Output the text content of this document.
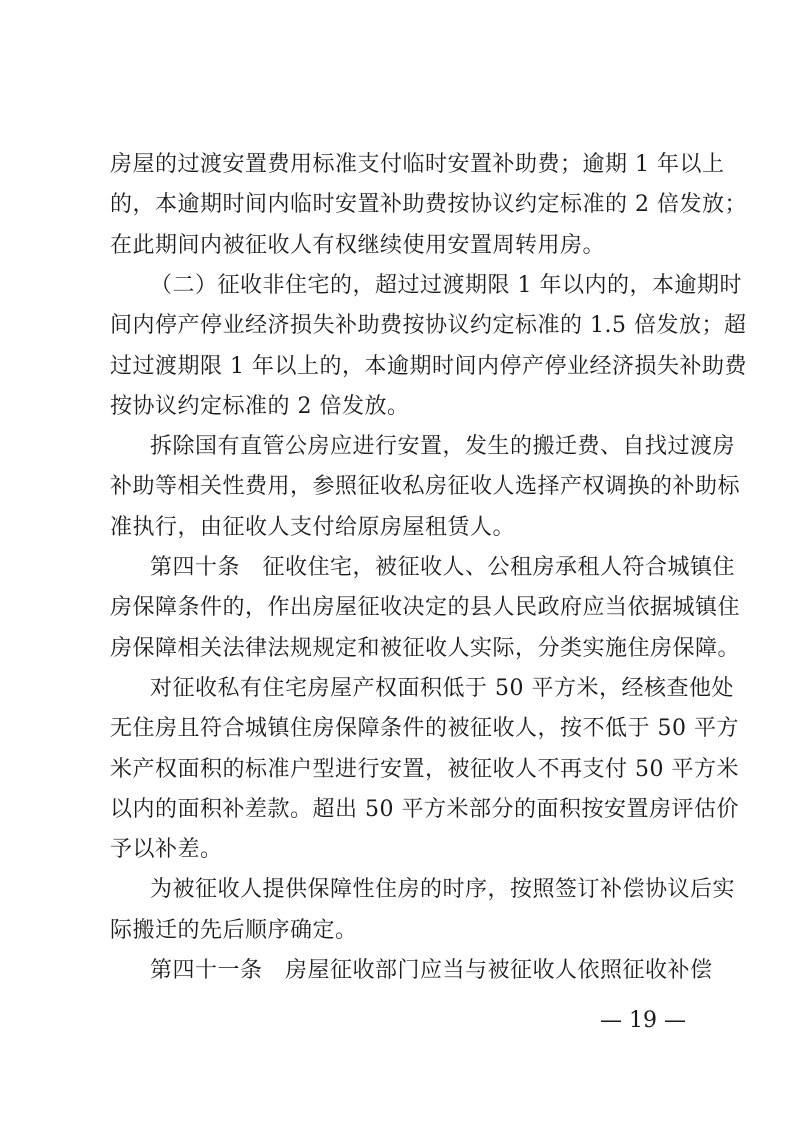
房屋的过渡安置费用标准支付临时安置补助费；逾期 1 年以上
的，本逾期时间内临时安置补助费按协议约定标准的 2 倍发放；
在此期间内被征收人有权继续使用安置周转用房。
（二）征收非住宅的，超过过渡期限 1 年以内的，本逾期时
间内停产停业经济损失补助费按协议约定标准的 1.5 倍发放；超
过过渡期限 1 年以上的，本逾期时间内停产停业经济损失补助费
按协议约定标准的 2 倍发放。
拆除国有直管公房应进行安置，发生的搬迁费、自找过渡房
补助等相关性费用，参照征收私房征收人选择产权调换的补助标
准执行，由征收人支付给原房屋租赁人。
第四十条　征收住宅，被征收人、公租房承租人符合城镇住
房保障条件的，作出房屋征收决定的县人民政府应当依据城镇住
房保障相关法律法规规定和被征收人实际，分类实施住房保障。
对征收私有住宅房屋产权面积低于 50 平方米，经核查他处
无住房且符合城镇住房保障条件的被征收人，按不低于 50 平方
米产权面积的标准户型进行安置，被征收人不再支付 50 平方米
以内的面积补差款。超出 50 平方米部分的面积按安置房评估价
予以补差。
为被征收人提供保障性住房的时序，按照签订补偿协议后实
际搬迁的先后顺序确定。
第四十一条　房屋征收部门应当与被征收人依照征收补偿
— 19 —
